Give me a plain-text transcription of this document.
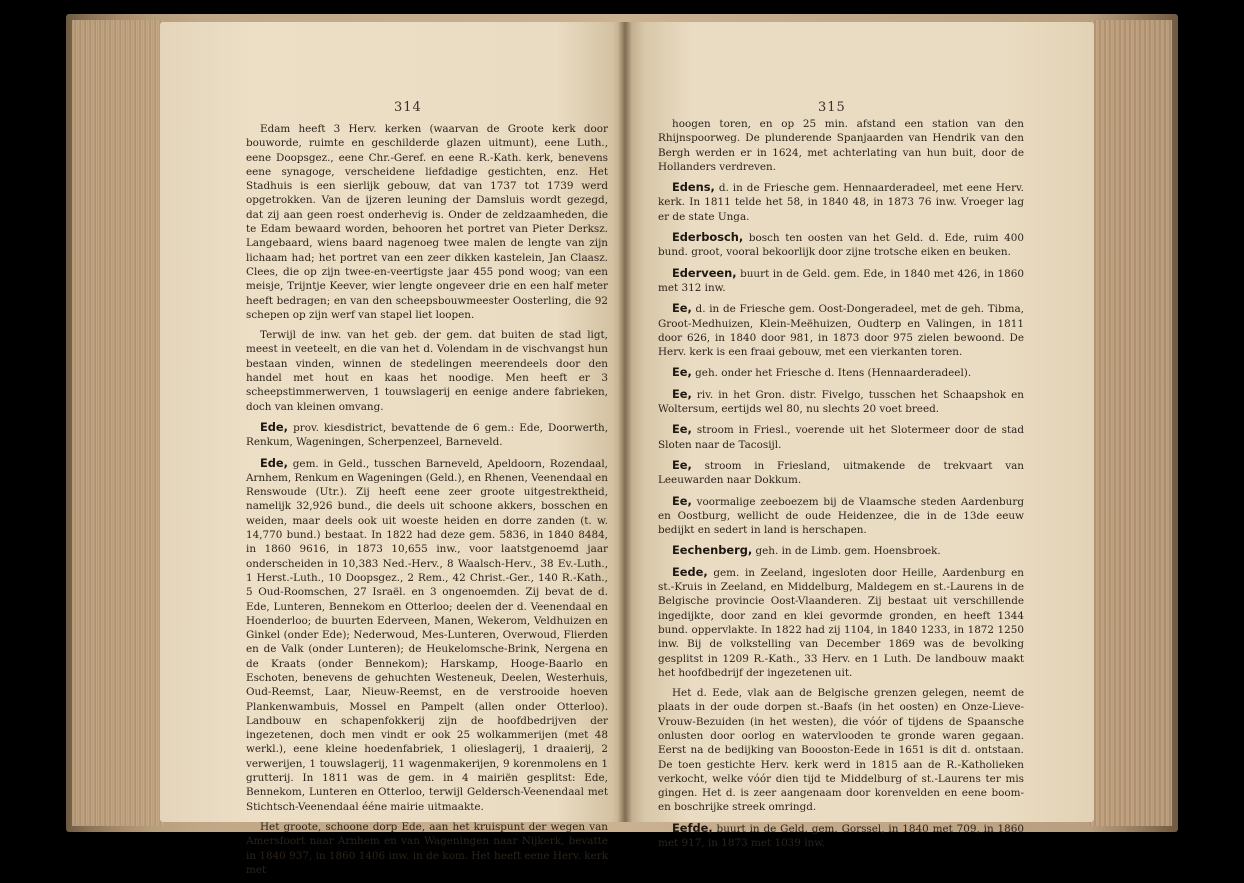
314

Edam heeft 3 Herv. kerken (waarvan de Groote kerk door bouworde, ruimte en geschilderde glazen uitmunt), eene Luth., eene Doopsgez., eene Chr.-Geref. en eene R.-Kath. kerk, benevens eene synagoge, verscheidene liefdadige gestichten, enz. Het Stadhuis is een sierlijk gebouw, dat van 1737 tot 1739 werd opgetrokken. Van de ijzeren leuning der Damsluis wordt gezegd, dat zij aan geen roest onderhevig is. Onder de zeldzaamheden, die te Edam bewaard worden, behooren het portret van Pieter Derksz. Langebaard, wiens baard nagenoeg twee malen de lengte van zijn lichaam had; het portret van een zeer dikken kastelein, Jan Claasz. Clees, die op zijn twee-en-veertigste jaar 455 pond woog; van een meisje, Trijntje Keever, wier lengte ongeveer drie en een half meter heeft bedragen; en van den scheepsbouwmeester Oosterling, die 92 schepen op zijn werf van stapel liet loopen.

Terwijl de inw. van het geb. der gem. dat buiten de stad ligt, meest in veeteelt, en die van het d. Volendam in de vischvangst hun bestaan vinden, winnen de stedelingen meerendeels door den handel met hout en kaas het noodige. Men heeft er 3 scheepstimmerwerven, 1 touwslagerij en eenige andere fabrieken, doch van kleinen omvang.

Ede, prov. kiesdistrict, bevattende de 6 gem.: Ede, Doorwerth, Renkum, Wageningen, Scherpenzeel, Barneveld.

Ede, gem. in Geld., tusschen Barneveld, Apeldoorn, Rozendaal, Arnhem, Renkum en Wageningen (Geld.), en Rhenen, Veenendaal en Renswoude (Utr.). Zij heeft eene zeer groote uitgestrektheid, namelijk 32,926 bund., die deels uit schoone akkers, bosschen en weiden, maar deels ook uit woeste heiden en dorre zanden (t. w. 14,770 bund.) bestaat. In 1822 had deze gem. 5836, in 1840 8484, in 1860 9616, in 1873 10,655 inw., voor laatstgenoemd jaar onderscheiden in 10,383 Ned.-Herv., 8 Waalsch-Herv., 38 Ev.-Luth., 1 Herst.-Luth., 10 Doopsgez., 2 Rem., 42 Christ.-Ger., 140 R.-Kath., 5 Oud-Roomschen, 27 Israël. en 3 ongenoemden. Zij bevat de d. Ede, Lunteren, Bennekom en Otterloo; deelen der d. Veenendaal en Hoenderloo; de buurten Ederveen, Manen, Wekerom, Veldhuizen en Ginkel (onder Ede); Nederwoud, Mes-Lunteren, Overwoud, Flierden en de Valk (onder Lunteren); de Heukelomsche-Brink, Nergena en de Kraats (onder Bennekom); Harskamp, Hooge-Baarlo en Eschoten, benevens de gehuchten Westeneuk, Deelen, Westerhuis, Oud-Reemst, Laar, Nieuw-Reemst, en de verstrooide hoeven Plankenwambuis, Mossel en Pampelt (allen onder Otterloo). Landbouw en schapenfokkerij zijn de hoofdbedrijven der ingezetenen, doch men vindt er ook 25 wolkammerijen (met 48 werkl.), eene kleine hoedenfabriek, 1 olieslagerij, 1 draaierij, 2 verwerijen, 1 touwslagerij, 11 wagenmakerijen, 9 korenmolens en 1 grutterij. In 1811 was de gem. in 4 mairiën gesplitst: Ede, Bennekom, Lunteren en Otterloo, terwijl Geldersch-Veenendaal met Stichtsch-Veenendaal ééne mairie uitmaakte.

Het groote, schoone dorp Ede, aan het kruispunt der wegen van Amersfoort naar Arnhem en van Wageningen naar Nijkerk, bevatte in 1840 937, in 1860 1406 inw. in de kom. Het heeft eene Herv. kerk met

315

hoogen toren, en op 25 min. afstand een station van den Rhijnspoorweg. De plunderende Spanjaarden van Hendrik van den Bergh werden er in 1624, met achterlating van hun buit, door de Hollanders verdreven.

Edens, d. in de Friesche gem. Hennaarderadeel, met eene Herv. kerk. In 1811 telde het 58, in 1840 48, in 1873 76 inw. Vroeger lag er de state Unga.

Ederbosch, bosch ten oosten van het Geld. d. Ede, ruim 400 bund. groot, vooral bekoorlijk door zijne trotsche eiken en beuken.

Ederveen, buurt in de Geld. gem. Ede, in 1840 met 426, in 1860 met 312 inw.

Ee, d. in de Friesche gem. Oost-Dongeradeel, met de geh. Tibma, Groot-Medhuizen, Klein-Meëhuizen, Oudterp en Valingen, in 1811 door 626, in 1840 door 981, in 1873 door 975 zielen bewoond. De Herv. kerk is een fraai gebouw, met een vierkanten toren.

Ee, geh. onder het Friesche d. Itens (Hennaarderadeel).

Ee, riv. in het Gron. distr. Fivelgo, tusschen het Schaapshok en Woltersum, eertijds wel 80, nu slechts 20 voet breed.

Ee, stroom in Friesl., voerende uit het Slotermeer door de stad Sloten naar de Tacosijl.

Ee, stroom in Friesland, uitmakende de trekvaart van Leeuwarden naar Dokkum.

Ee, voormalige zeeboezem bij de Vlaamsche steden Aardenburg en Oostburg, wellicht de oude Heidenzee, die in de 13de eeuw bedijkt en sedert in land is herschapen.

Eechenberg, geh. in de Limb. gem. Hoensbroek.

Eede, gem. in Zeeland, ingesloten door Heille, Aardenburg en st.-Kruis in Zeeland, en Middelburg, Maldegem en st.-Laurens in de Belgische provincie Oost-Vlaanderen. Zij bestaat uit verschillende ingedijkte, door zand en klei gevormde gronden, en heeft 1344 bund. oppervlakte. In 1822 had zij 1104, in 1840 1233, in 1872 1250 inw. Bij de volkstelling van December 1869 was de bevolking gesplitst in 1209 R.-Kath., 33 Herv. en 1 Luth. De landbouw maakt het hoofdbedrijf der ingezetenen uit.

Het d. Eede, vlak aan de Belgische grenzen gelegen, neemt de plaats in der oude dorpen st.-Baafs (in het oosten) en Onze-Lieve-Vrouw-Bezuiden (in het westen), die vóór of tijdens de Spaansche onlusten door oorlog en watervlooden te gronde waren gegaan. Eerst na de bedijking van Boooston-Eede in 1651 is dit d. ontstaan. De toen gestichte Herv. kerk werd in 1815 aan de R.-Katholieken verkocht, welke vóór dien tijd te Middelburg of st.-Laurens ter mis gingen. Het d. is zeer aangenaam door korenvelden en eene boom- en boschrijke streek omringd.

Eefde, buurt in de Geld. gem. Gorssel, in 1840 met 709, in 1860 met 917, in 1873 met 1039 inw.
